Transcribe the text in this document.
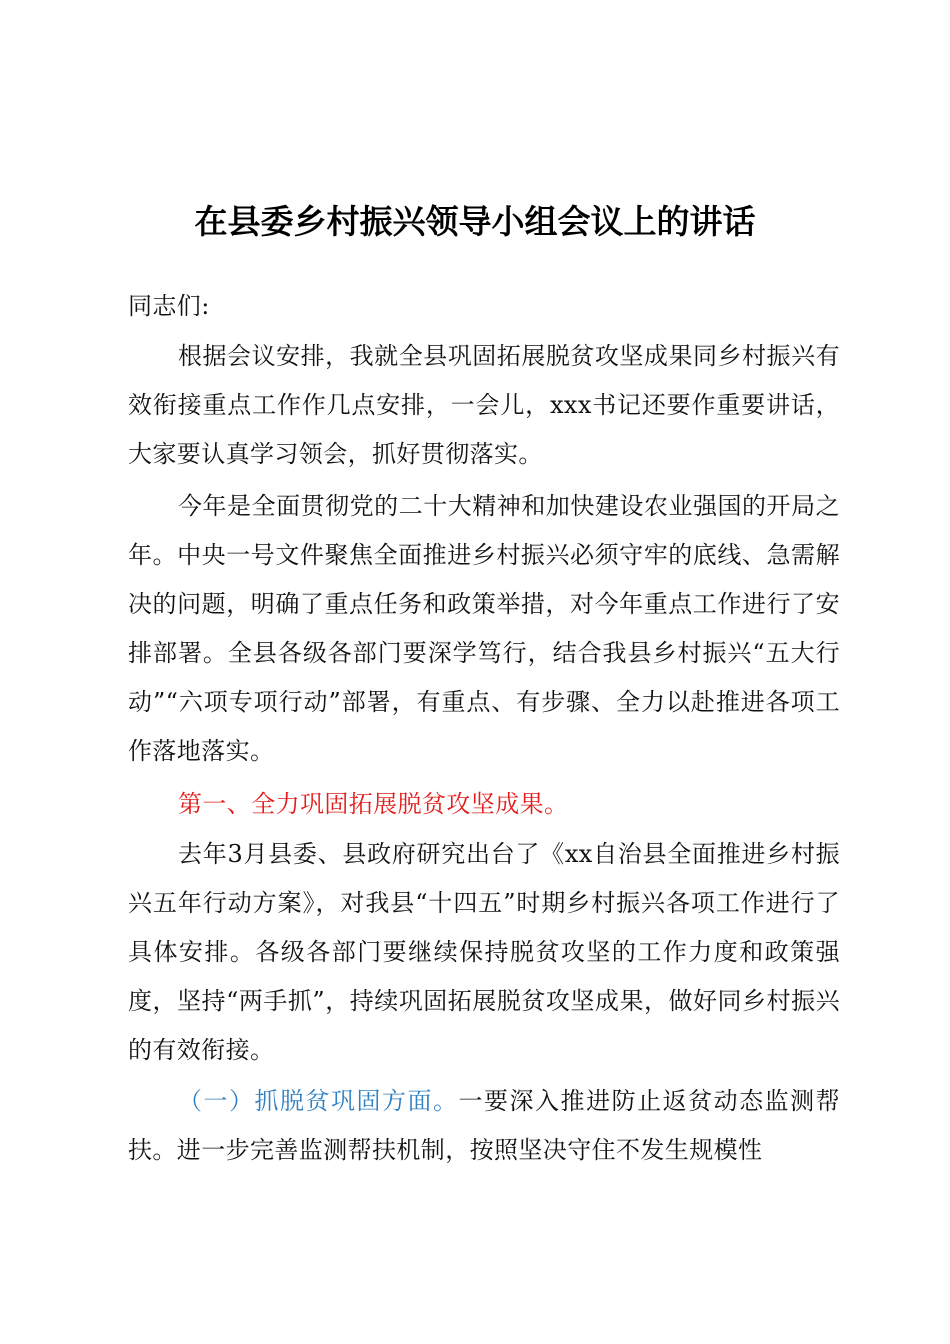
在县委乡村振兴领导小组会议上的讲话

同志们:

根据会议安排，我就全县巩固拓展脱贫攻坚成果同乡村振兴有效衔接重点工作作几点安排，一会儿，xxx书记还要作重要讲话，大家要认真学习领会，抓好贯彻落实。

今年是全面贯彻党的二十大精神和加快建设农业强国的开局之年。中央一号文件聚焦全面推进乡村振兴必须守牢的底线、急需解决的问题，明确了重点任务和政策举措，对今年重点工作进行了安排部署。全县各级各部门要深学笃行，结合我县乡村振兴“五大行动”“六项专项行动”部署，有重点、有步骤、全力以赴推进各项工作落地落实。

第一、全力巩固拓展脱贫攻坚成果。

去年3月县委、县政府研究出台了《xx自治县全面推进乡村振兴五年行动方案》，对我县“十四五”时期乡村振兴各项工作进行了具体安排。各级各部门要继续保持脱贫攻坚的工作力度和政策强度，坚持“两手抓”，持续巩固拓展脱贫攻坚成果，做好同乡村振兴的有效衔接。

（一）抓脱贫巩固方面。一要深入推进防止返贫动态监测帮扶。进一步完善监测帮扶机制，按照坚决守住不发生规模性
